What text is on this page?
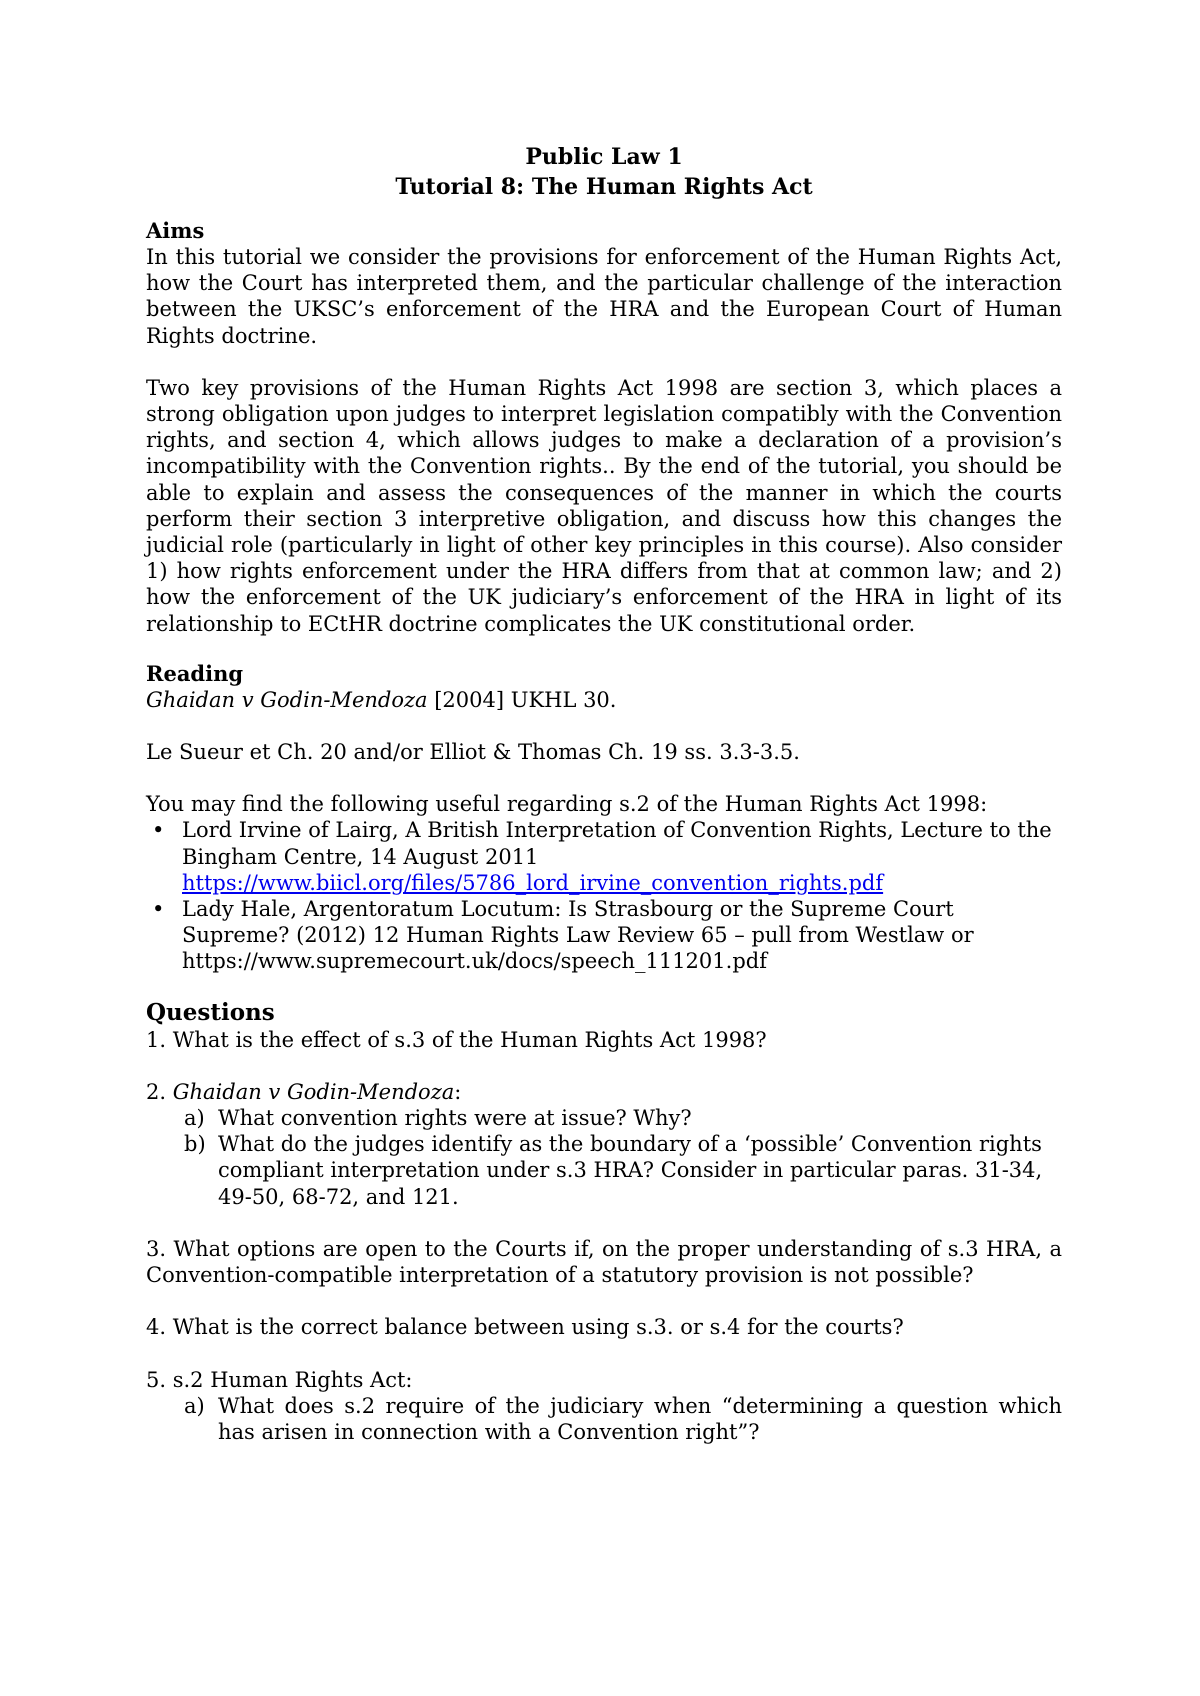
Public Law 1
Tutorial 8: The Human Rights Act
Aims

In this tutorial we consider the provisions for enforcement of the Human Rights Act, how the Court has interpreted them, and the particular challenge of the interaction between the UKSC’s enforcement of the HRA and the European Court of Human Rights doctrine.

Two key provisions of the Human Rights Act 1998 are section 3, which places a strong obligation upon judges to interpret legislation compatibly with the Convention rights, and section 4, which allows judges to make a declaration of a provision’s incompatibility with the Convention rights.. By the end of the tutorial, you should be able to explain and assess the consequences of the manner in which the courts perform their section 3 interpretive obligation, and discuss how this changes the judicial role (particularly in light of other key principles in this course). Also consider 1) how rights enforcement under the HRA differs from that at common law; and 2) how the enforcement of the UK judiciary’s enforcement of the HRA in light of its relationship to ECtHR doctrine complicates the UK constitutional order.

Reading

Ghaidan v Godin-Mendoza [2004] UKHL 30.

Le Sueur et Ch. 20 and/or Elliot & Thomas Ch. 19 ss. 3.3-3.5.

You may find the following useful regarding s.2 of the Human Rights Act 1998:

• Lord Irvine of Lairg, A British Interpretation of Convention Rights, Lecture to the Bingham Centre, 14 August 2011
https://www.biicl.org/files/5786_lord_irvine_convention_rights.pdf
• Lady Hale, Argentoratum Locutum: Is Strasbourg or the Supreme Court Supreme? (2012) 12 Human Rights Law Review 65 – pull from Westlaw or https://www.supremecourt.uk/docs/speech_111201.pdf
Questions

1. What is the effect of s.3 of the Human Rights Act 1998?

2. Ghaidan v Godin-Mendoza:

a) What convention rights were at issue? Why?
b) What do the judges identify as the boundary of a ‘possible’ Convention rights compliant interpretation under s.3 HRA? Consider in particular paras. 31-34, 49-50, 68-72, and 121.

3. What options are open to the Courts if, on the proper understanding of s.3 HRA, a Convention-compatible interpretation of a statutory provision is not possible?

4. What is the correct balance between using s.3. or s.4 for the courts?

5. s.2 Human Rights Act:

a) What does s.2 require of the judiciary when “determining a question which has arisen in connection with a Convention right”?
